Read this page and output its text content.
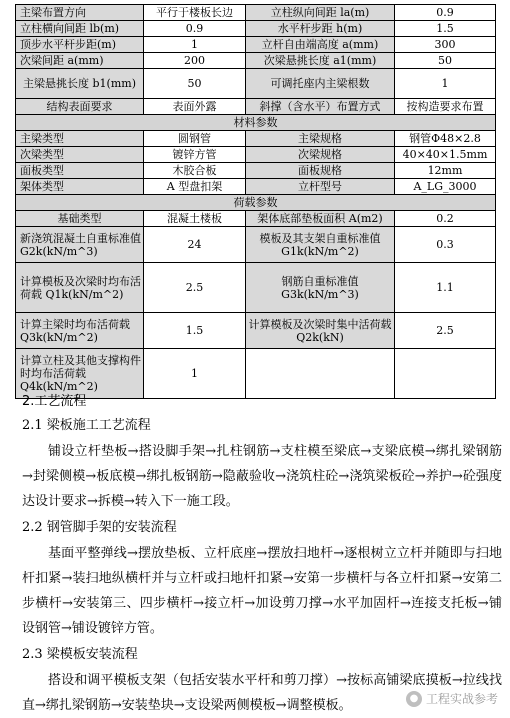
主梁布置方向	平行于楼板长边	立柱纵向间距 la(m)	0.9
立柱横向间距 lb(m)	0.9	水平杆步距 h(m)	1.5
顶步水平杆步距(m)	1	立杆自由端高度 a(mm)	300
次梁间距 a(mm)	200	次梁悬挑长度 a1(mm)	50
主梁悬挑长度 b1(mm)	50	可调托座内主梁根数	1
结构表面要求	表面外露	斜撑（含水平）布置方式	按构造要求布置
材料参数			
主梁类型	圆钢管	主梁规格	钢管Φ48×2.8
次梁类型	镀锌方管	次梁规格	40×40×1.5mm
面板类型	木胶合板	面板规格	12mm
架体类型	A 型盘扣架	立杆型号	A_LG_3000
荷载参数			
基础类型	混凝土楼板	架体底部垫板面积 A(m2)	0.2
新浇筑混凝土自重标准值 G2k(kN/m^3)	24	模板及其支架自重标准值 G1k(kN/m^2)	0.3
计算模板及次梁时均布活荷载 Q1k(kN/m^2)	2.5	钢筋自重标准值 G3k(kN/m^3)	1.1
计算主梁时均布活荷载 Q3k(kN/m^2)	1.5	计算模板及次梁时集中活荷载 Q2k(kN)	2.5
计算立柱及其他支撑构件时均布活荷载 Q4k(kN/m^2)	1		
2.工艺流程
2.1 梁板施工工艺流程
铺设立杆垫板→搭设脚手架→扎柱钢筋→支柱模至梁底→支梁底模→绑扎梁钢筋→封梁侧模→板底模→绑扎板钢筋→隐蔽验收→浇筑柱砼→浇筑梁板砼→养护→砼强度达设计要求→拆模→转入下一施工段。
2.2 钢管脚手架的安装流程
基面平整弹线→摆放垫板、立杆底座→摆放扫地杆→逐根树立立杆并随即与扫地杆扣紧→装扫地纵横杆并与立杆或扫地杆扣紧→安第一步横杆与各立杆扣紧→安第二步横杆→安装第三、四步横杆→接立杆→加设剪刀撑→水平加固杆→连接支托板→铺设钢管→铺设镀锌方管。
2.3 梁模板安装流程
搭设和调平模板支架（包括安装水平杆和剪刀撑）→按标高铺梁底摸板→拉线找直→绑扎梁钢筋→安装垫块→支设梁两侧模板→调整模板。	● 工程实战参考
